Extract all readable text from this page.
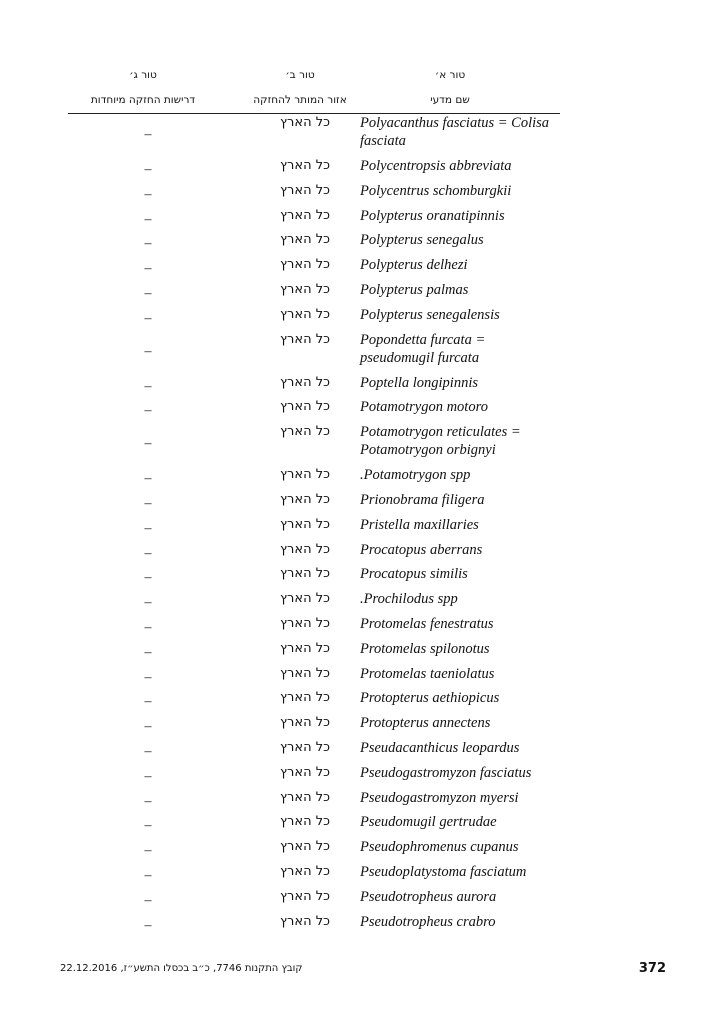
טור א׳
שם מדעי
טור ב׳
אזור המותר להחזקה
טור ג׳
דרישות החזקה מיוחדות
Polyacanthus fasciatus = Colisa fasciata
כל הארץ
–
Polycentropsis abbreviata
כל הארץ
–
Polycentrus schomburgkii
כל הארץ
–
Polypterus oranatipinnis
כל הארץ
–
Polypterus senegalus
כל הארץ
–
Polypterus delhezi
כל הארץ
–
Polypterus palmas
כל הארץ
–
Polypterus senegalensis
כל הארץ
–
Popondetta furcata = pseudomugil furcata
כל הארץ
–
Poptella longipinnis
כל הארץ
–
Potamotrygon motoro
כל הארץ
–
Potamotrygon reticulates = Potamotrygon orbignyi
כל הארץ
–
.Potamotrygon spp
כל הארץ
–
Prionobrama filigera
כל הארץ
–
Pristella maxillaries
כל הארץ
–
Procatopus aberrans
כל הארץ
–
Procatopus similis
כל הארץ
–
.Prochilodus spp
כל הארץ
–
Protomelas fenestratus
כל הארץ
–
Protomelas spilonotus
כל הארץ
–
Protomelas taeniolatus
כל הארץ
–
Protopterus aethiopicus
כל הארץ
–
Protopterus annectens
כל הארץ
–
Pseudacanthicus leopardus
כל הארץ
–
Pseudogastromyzon fasciatus
כל הארץ
–
Pseudogastromyzon myersi
כל הארץ
–
Pseudomugil gertrudae
כל הארץ
–
Pseudophromenus cupanus
כל הארץ
–
Pseudoplatystoma fasciatum
כל הארץ
–
Pseudotropheus aurora
כל הארץ
–
Pseudotropheus crabro
כל הארץ
–
קובץ התקנות 7746, כ״ב בכסלו התשע״ז, 22.12.2016	372
